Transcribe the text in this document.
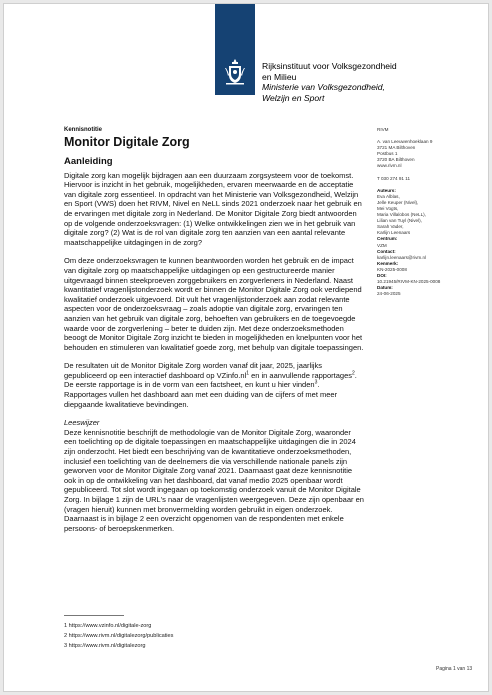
Rijksinstituut voor Volksgezondheid
en Milieu
Ministerie van Volksgezondheid,
Welzijn en Sport
Kennisnotitie
Monitor Digitale Zorg
Aanleiding

Digitale zorg kan mogelijk bijdragen aan een duurzaam zorgsysteem voor de toekomst. Hiervoor is inzicht in het gebruik, mogelijkheden, ervaren meerwaarde en de acceptatie van digitale zorg essentieel. In opdracht van het Ministerie van Volksgezondheid, Welzijn en Sport (VWS) doen het RIVM, Nivel en NeLL sinds 2021 onderzoek naar het gebruik en de ervaringen met digitale zorg in Nederland. De Monitor Digitale Zorg biedt antwoorden op de volgende onderzoeksvragen: (1) Welke ontwikkelingen zien we in het gebruik van digitale zorg? (2) Wat is de rol van digitale zorg ten aanzien van een aantal relevante maatschappelijke uitdagingen in de zorg?

Om deze onderzoeksvragen te kunnen beantwoorden worden het gebruik en de impact van digitale zorg op maatschappelijke uitdagingen op een gestructureerde manier uitgevraagd binnen steekproeven zorggebruikers en zorgverleners in Nederland. Naast kwantitatief vragenlijstonderzoek wordt er binnen de Monitor Digitale Zorg ook verdiepend kwalitatief onderzoek uitgevoerd. Dit vult het vragenlijstonderzoek aan zodat relevante aspecten voor de onderzoeksvraag – zoals adoptie van digitale zorg, ervaringen ten aanzien van het gebruik van digitale zorg, behoeften van gebruikers en de toegevoegde waarde voor de zorgverlening – beter te duiden zijn. Met deze onderzoeksmethoden beoogt de Monitor Digitale Zorg inzicht te bieden in mogelijkheden en knelpunten voor het behouden en stimuleren van kwalitatief goede zorg, met behulp van digitale toepassingen.

De resultaten uit de Monitor Digitale Zorg worden vanaf dit jaar, 2025, jaarlijks gepubliceerd op een interactief dashboard op $VZinfo.nl^1$ en in aanvullende rapportages$^2$. De eerste rapportage is in de vorm van een factsheet, en kunt u hier vinden$^3$. Rapportages vullen het dashboard aan met een duiding van de cijfers of met meer diepgaande kwalitatieve bevindingen.

Leeswijzer

Deze kennisnotitie beschrijft de methodologie van de Monitor Digitale Zorg, waaronder een toelichting op de digitale toepassingen en maatschappelijke uitdagingen die in 2024 zijn onderzocht. Het biedt een beschrijving van de kwantitatieve onderzoeksmethoden, inclusief een toelichting van de deelnemers die via verschillende nationale panels zijn geworven voor de Monitor Digitale Zorg vanaf 2021. Daarnaast gaat deze kennisnotitie ook in op de ontwikkeling van het dashboard, dat vanaf medio 2025 openbaar wordt gepubliceerd. Tot slot wordt ingegaan op toekomstig onderzoek vanuit de Monitor Digitale Zorg. In bijlage 1 zijn de URL's naar de vragenlijsten weergegeven. Deze zijn openbaar en (vragen hieruit) kunnen met bronvermelding worden gebruikt in eigen onderzoek. Daarnaast is in bijlage 2 een overzicht opgenomen van de respondenten met enkele persoons- of beroepskenmerken.

1 https://www.vzinfo.nl/digitale-zorg
2 https://www.rivm.nl/digitalezorg/publicaties
3 https://www.rivm.nl/digitalezorg
RIVM
A. van Leeuwenhoeklaan 9
3721 MA Bilthoven
Postbus 1
3720 BA Bilthoven
www.rivm.nl
T 030 274 91 11
Auteurs:
Eva Alblas,
Jelle Keuper (Nivel),
Mei Vogts,
Maria Villalobos (NeLL),
Lilian van Tuyl (Nivel),
Sarah Vader,
Karlijn Leenaars
Centrum:
VZM
Contact:
karlijn.leenaars@rivm.nl
Kenmerk:
KN-2025-0008
DOI:
10.21945/RIVM-KN-2025-0008
Datum:
24-06-2025
Pagina 1 van 13
